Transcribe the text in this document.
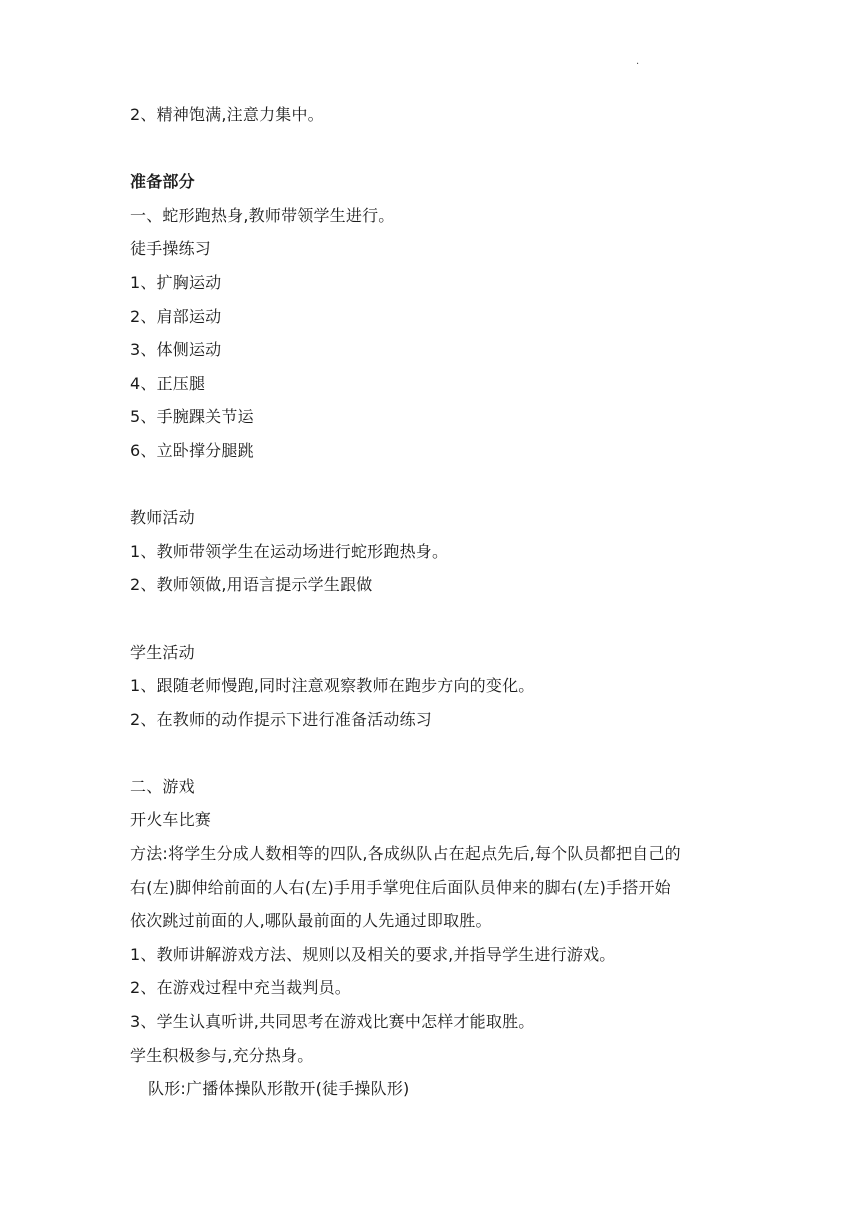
.
2、精神饱满,注意力集中。
准备部分
一、蛇形跑热身,教师带领学生进行。
徒手操练习
1、扩胸运动
2、肩部运动
3、体侧运动
4、正压腿
5、手腕踝关节运
6、立卧撑分腿跳
教师活动
1、教师带领学生在运动场进行蛇形跑热身。
2、教师领做,用语言提示学生跟做
学生活动
1、跟随老师慢跑,同时注意观察教师在跑步方向的变化。
2、在教师的动作提示下进行准备活动练习
二、游戏
开火车比赛
方法:将学生分成人数相等的四队,各成纵队占在起点先后,每个队员都把自己的
右(左)脚伸给前面的人右(左)手用手掌兜住后面队员伸来的脚右(左)手搭开始
依次跳过前面的人,哪队最前面的人先通过即取胜。
1、教师讲解游戏方法、规则以及相关的要求,并指导学生进行游戏。
2、在游戏过程中充当裁判员。
3、学生认真听讲,共同思考在游戏比赛中怎样才能取胜。
学生积极参与,充分热身。
队形:广播体操队形散开(徒手操队形)
